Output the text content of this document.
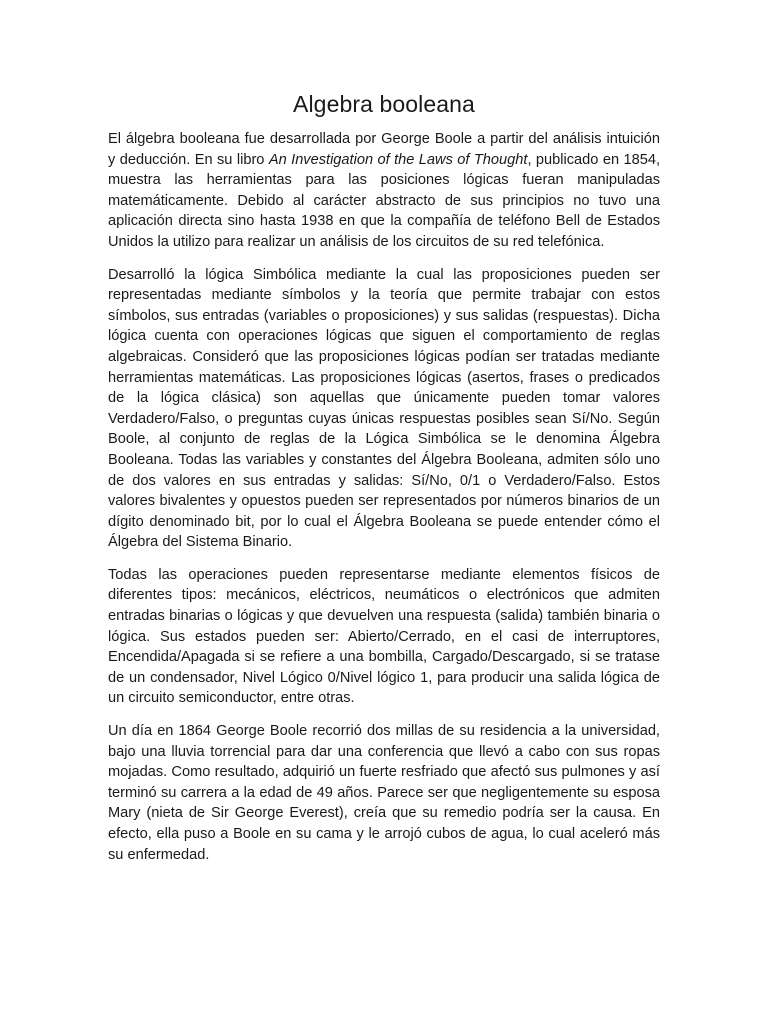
Algebra booleana

El álgebra booleana fue desarrollada por George Boole a partir del análisis intuición y deducción. En su libro An Investigation of the Laws of Thought, publicado en 1854, muestra las herramientas para las posiciones lógicas fueran manipuladas matemáticamente. Debido al carácter abstracto de sus principios no tuvo una aplicación directa sino hasta 1938 en que la compañía de teléfono Bell de Estados Unidos la utilizo para realizar un análisis de los circuitos de su red telefónica.

Desarrolló la lógica Simbólica mediante la cual las proposiciones pueden ser representadas mediante símbolos y la teoría que permite trabajar con estos símbolos, sus entradas (variables o proposiciones) y sus salidas (respuestas). Dicha lógica cuenta con operaciones lógicas que siguen el comportamiento de reglas algebraicas. Consideró que las proposiciones lógicas podían ser tratadas mediante herramientas matemáticas. Las proposiciones lógicas (asertos, frases o predicados de la lógica clásica) son aquellas que únicamente pueden tomar valores Verdadero/Falso, o preguntas cuyas únicas respuestas posibles sean Sí/No. Según Boole, al conjunto de reglas de la Lógica Simbólica se le denomina Álgebra Booleana. Todas las variables y constantes del Álgebra Booleana, admiten sólo uno de dos valores en sus entradas y salidas: Sí/No, 0/1 o Verdadero/Falso. Estos valores bivalentes y opuestos pueden ser representados por números binarios de un dígito denominado bit, por lo cual el Álgebra Booleana se puede entender cómo el Álgebra del Sistema Binario.

Todas las operaciones pueden representarse mediante elementos físicos de diferentes tipos: mecánicos, eléctricos, neumáticos o electrónicos que admiten entradas binarias o lógicas y que devuelven una respuesta (salida) también binaria o lógica. Sus estados pueden ser: Abierto/Cerrado, en el casi de interruptores, Encendida/Apagada si se refiere a una bombilla, Cargado/Descargado, si se tratase de un condensador, Nivel Lógico 0/Nivel lógico 1, para producir una salida lógica de un circuito semiconductor, entre otras.

Un día en 1864 George Boole recorrió dos millas de su residencia a la universidad, bajo una lluvia torrencial para dar una conferencia que llevó a cabo con sus ropas mojadas. Como resultado, adquirió un fuerte resfriado que afectó sus pulmones y así terminó su carrera a la edad de 49 años. Parece ser que negligentemente su esposa Mary (nieta de Sir George Everest), creía que su remedio podría ser la causa. En efecto, ella puso a Boole en su cama y le arrojó cubos de agua, lo cual aceleró más su enfermedad.
